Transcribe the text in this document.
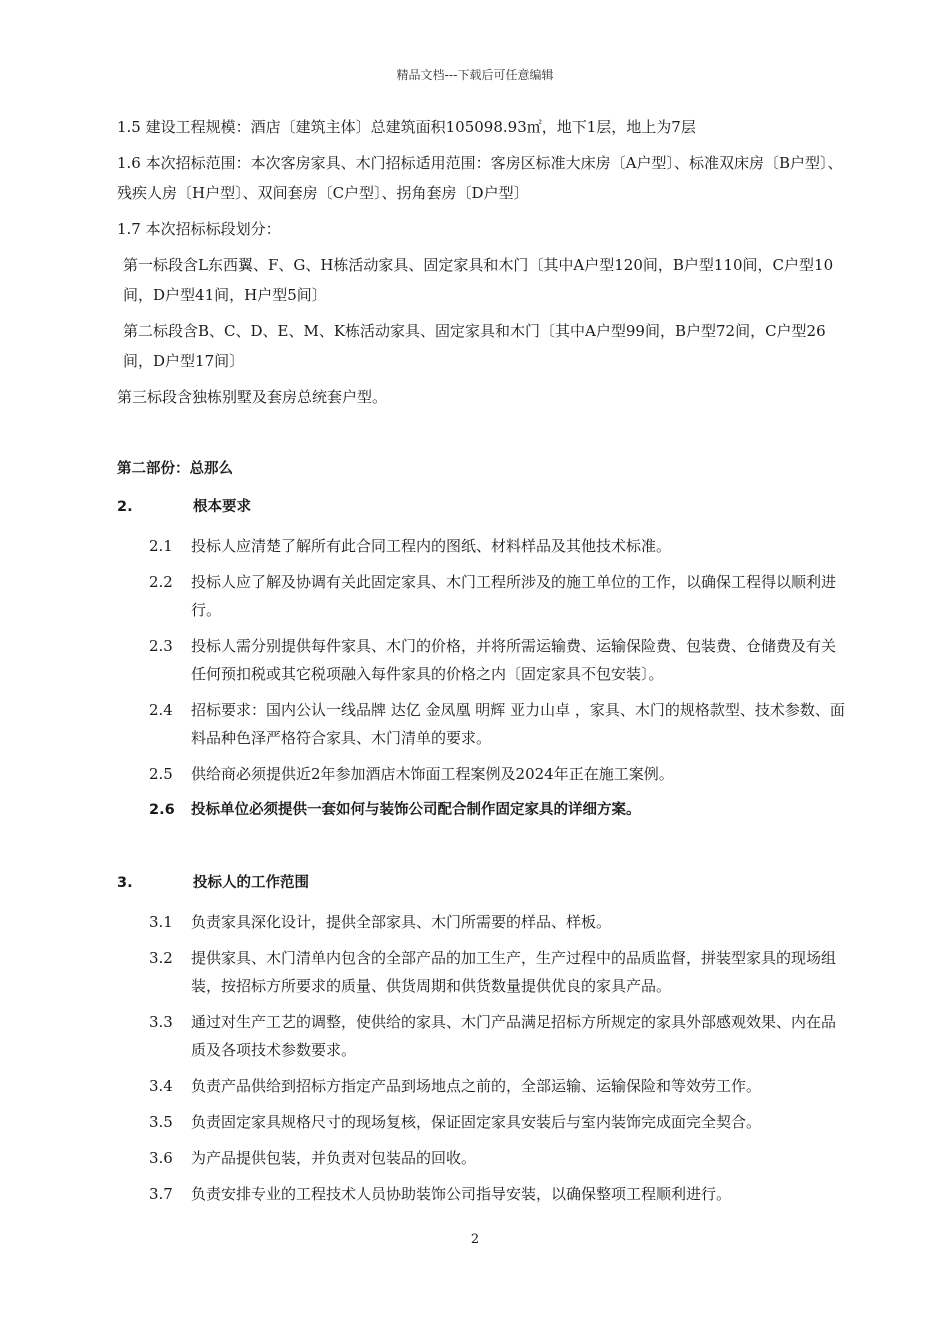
精品文档---下载后可任意编辑

1.5 建设工程规模：酒店〔建筑主体〕总建筑面积105098.93㎡，地下1层，地上为7层

1.6 本次招标范围：本次客房家具、木门招标适用范围：客房区标准大床房〔A户型〕、标准双床房〔B户型〕、残疾人房〔H户型〕、双间套房〔C户型〕、拐角套房〔D户型〕

1.7 本次招标标段划分：

第一标段含L东西翼、F、G、H栋活动家具、固定家具和木门〔其中A户型120间，B户型110间，C户型10间，D户型41间，H户型5间〕

第二标段含B、C、D、E、M、K栋活动家具、固定家具和木门〔其中A户型99间，B户型72间，C户型26间，D户型17间〕

第三标段含独栋别墅及套房总统套户型。

第二部份：总那么

2.	根本要求
2.1	投标人应清楚了解所有此合同工程内的图纸、材料样品及其他技术标准。
2.2	投标人应了解及协调有关此固定家具、木门工程所涉及的施工单位的工作，以确保工程得以顺利进行。
2.3	投标人需分别提供每件家具、木门的价格，并将所需运输费、运输保险费、包装费、仓储费及有关任何预扣税或其它税项融入每件家具的价格之内〔固定家具不包安装〕。
2.4	招标要求：国内公认一线品牌 达亿 金凤凰 明辉 亚力山卓 ，家具、木门的规格款型、技术参数、面料品种色泽严格符合家具、木门清单的要求。
2.5	供给商必须提供近2年参加酒店木饰面工程案例及2024年正在施工案例。
2.6	投标单位必须提供一套如何与装饰公司配合制作固定家具的详细方案。
3.	投标人的工作范围
3.1	负责家具深化设计，提供全部家具、木门所需要的样品、样板。
3.2	提供家具、木门清单内包含的全部产品的加工生产，生产过程中的品质监督，拼装型家具的现场组装，按招标方所要求的质量、供货周期和供货数量提供优良的家具产品。
3.3	通过对生产工艺的调整，使供给的家具、木门产品满足招标方所规定的家具外部感观效果、内在品质及各项技术参数要求。
3.4	负责产品供给到招标方指定产品到场地点之前的，全部运输、运输保险和等效劳工作。
3.5	负责固定家具规格尺寸的现场复核，保证固定家具安装后与室内装饰完成面完全契合。
3.6	为产品提供包装，并负责对包装品的回收。
3.7	负责安排专业的工程技术人员协助装饰公司指导安装，以确保整项工程顺利进行。
2
